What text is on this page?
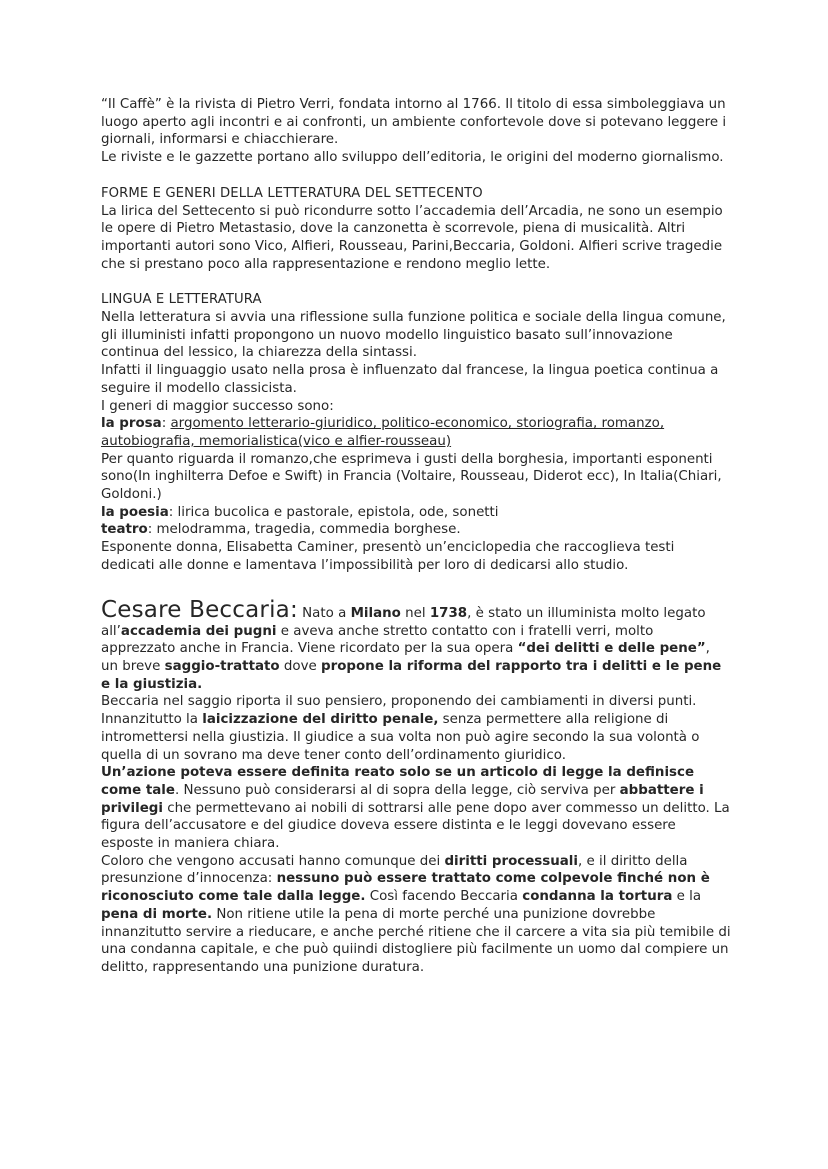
“Il Caffè” è la rivista di Pietro Verri, fondata intorno al 1766. Il titolo di essa simboleggiava un luogo aperto agli incontri e ai confronti, un ambiente confortevole dove si potevano leggere i giornali, informarsi e chiacchierare.

Le riviste e le gazzette portano allo sviluppo dell’editoria, le origini del moderno giornalismo.

FORME E GENERI DELLA LETTERATURA DEL SETTECENTO

La lirica del Settecento si può ricondurre sotto l’accademia dell’Arcadia, ne sono un esempio le opere di Pietro Metastasio, dove la canzonetta è scorrevole, piena di musicalità. Altri importanti autori sono Vico, Alfieri, Rousseau, Parini,Beccaria, Goldoni. Alfieri scrive tragedie che si prestano poco alla rappresentazione e rendono meglio lette.

LINGUA E LETTERATURA

Nella letteratura si avvia una riflessione sulla funzione politica e sociale della lingua comune, gli illuministi infatti propongono un nuovo modello linguistico basato sull’innovazione continua del lessico, la chiarezza della sintassi.

Infatti il linguaggio usato nella prosa è influenzato dal francese, la lingua poetica continua a seguire il modello classicista.

I generi di maggior successo sono:

la prosa: argomento letterario-giuridico, politico-economico, storiografia, romanzo, autobiografia, memorialistica(vico e alfier-rousseau)

Per quanto riguarda il romanzo,che esprimeva i gusti della borghesia, importanti esponenti sono(In inghilterra Defoe e Swift) in Francia (Voltaire, Rousseau, Diderot ecc), In Italia(Chiari, Goldoni.)

la poesia: lirica bucolica e pastorale, epistola, ode, sonetti

teatro: melodramma, tragedia, commedia borghese.

Esponente donna, Elisabetta Caminer, presentò un’enciclopedia che raccoglieva testi dedicati alle donne e lamentava l’impossibilità per loro di dedicarsi allo studio.

Cesare Beccaria: Nato a Milano nel 1738, è stato un illuminista molto legato all’accademia dei pugni e aveva anche stretto contatto con i fratelli verri, molto apprezzato anche in Francia. Viene ricordato per la sua opera “dei delitti e delle pene”, un breve saggio-trattato dove propone la riforma del rapporto tra i delitti e le pene e la giustizia.

Beccaria nel saggio riporta il suo pensiero, proponendo dei cambiamenti in diversi punti. Innanzitutto la laicizzazione del diritto penale, senza permettere alla religione di intromettersi nella giustizia. Il giudice a sua volta non può agire secondo la sua volontà o quella di un sovrano ma deve tener conto dell’ordinamento giuridico.

Un’azione poteva essere definita reato solo se un articolo di legge la definisce come tale. Nessuno può considerarsi al di sopra della legge, ciò serviva per abbattere i privilegi che permettevano ai nobili di sottrarsi alle pene dopo aver commesso un delitto. La figura dell’accusatore e del giudice doveva essere distinta e le leggi dovevano essere esposte in maniera chiara.

Coloro che vengono accusati hanno comunque dei diritti processuali, e il diritto della presunzione d’innocenza: nessuno può essere trattato come colpevole finché non è riconosciuto come tale dalla legge. Così facendo Beccaria condanna la tortura e la pena di morte. Non ritiene utile la pena di morte perché una punizione dovrebbe innanzitutto servire a rieducare, e anche perché ritiene che il carcere a vita sia più temibile di una condanna capitale, e che può quiindi distogliere più facilmente un uomo dal compiere un delitto, rappresentando una punizione duratura.
